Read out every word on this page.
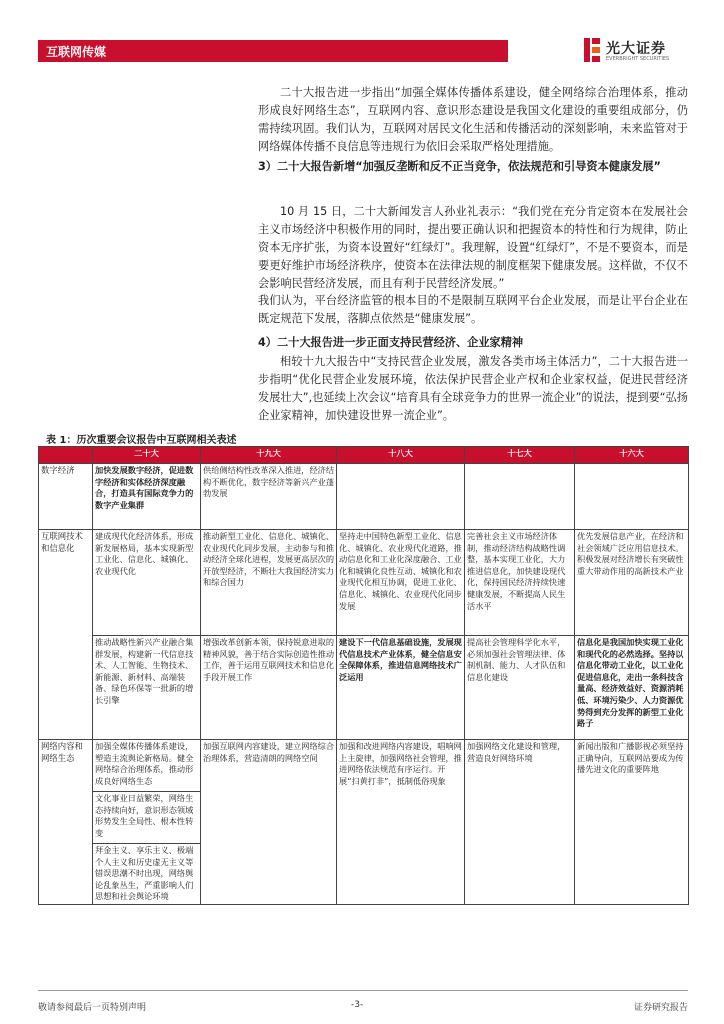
互联网传媒	光大证券
EVERBRIGHT SECURITIES
二十大报告进一步指出“加强全媒体传播体系建设，健全网络综合治理体系，推动形成良好网络生态”，互联网内容、意识形态建设是我国文化建设的重要组成部分，仍需持续巩固。我们认为，互联网对居民文化生活和传播活动的深刻影响，未来监管对于网络媒体传播不良信息等违规行为依旧会采取严格处理措施。
3）二十大报告新增“加强反垄断和反不正当竞争，依法规范和引导资本健康发展”
10 月 15 日，二十大新闻发言人孙业礼表示：“我们党在充分肯定资本在发展社会主义市场经济中积极作用的同时，提出要正确认识和把握资本的特性和行为规律，防止资本无序扩张，为资本设置好“红绿灯”。我理解，设置“红绿灯”，不是不要资本，而是要更好维护市场经济秩序，使资本在法律法规的制度框架下健康发展。这样做，不仅不会影响民营经济发展，而且有利于民营经济发展。”
我们认为，平台经济监管的根本目的不是限制互联网平台企业发展，而是让平台企业在既定规范下发展，落脚点依然是“健康发展”。
4）二十大报告进一步正面支持民营经济、企业家精神
相较十九大报告中“支持民营企业发展，激发各类市场主体活力”，二十大报告进一步指明“优化民营企业发展环境，依法保护民营企业产权和企业家权益，促进民营经济发展壮大”,也延续上次会议“培育具有全球竞争力的世界一流企业”的说法，提到要“弘扬企业家精神，加快建设世界一流企业”。
表 1：历次重要会议报告中互联网相关表述
	二十大	十九大	十八大	十七大	十六大
数字经济	加快发展数字经济，促进数字经济和实体经济深度融合，打造具有国际竞争力的数字产业集群	供给侧结构性改革深入推进，经济结构不断优化，数字经济等新兴产业蓬勃发展			
互联网技术和信息化	建成现代化经济体系，形成新发展格局，基本实现新型工业化、信息化、城镇化、农业现代化	推动新型工业化、信息化、城镇化、农业现代化同步发展，主动参与和推动经济全球化进程，发展更高层次的开放型经济，不断壮大我国经济实力和综合国力	坚持走中国特色新型工业化、信息化、城镇化、农业现代化道路，推动信息化和工业化深度融合、工业化和城镇化良性互动、城镇化和农业现代化相互协调，促进工业化、信息化、城镇化、农业现代化同步发展	完善社会主义市场经济体制，推动经济结构战略性调整，基本实现工业化，大力推进信息化，加快建设现代化，保持国民经济持续快速健康发展，不断提高人民生活水平	优先发展信息产业，在经济和社会领域广泛应用信息技术。积极发展对经济增长有突破性重大带动作用的高新技术产业
	推动战略性新兴产业融合集群发展，构建新一代信息技术、人工智能、生物技术、新能源、新材料、高端装备、绿色环保等一批新的增长引擎	增强改革创新本领，保持锐意进取的精神风貌，善于结合实际创造性推动工作，善于运用互联网技术和信息化手段开展工作	建设下一代信息基础设施，发展现代信息技术产业体系，健全信息安全保障体系，推进信息网络技术广泛运用	提高社会管理科学化水平，必须加强社会管理法律、体制机制、能力、人才队伍和信息化建设	信息化是我国加快实现工业化和现代化的必然选择。坚持以信息化带动工业化，以工业化促进信息化，走出一条科技含量高、经济效益好、资源消耗低、环境污染少、人力资源优势得到充分发挥的新型工业化路子
网络内容和网络生态	加强全媒体传播体系建设，塑造主流舆论新格局。健全网络综合治理体系，推动形成良好网络生态	加强互联网内容建设，建立网络综合治理体系，营造清朗的网络空间	加强和改进网络内容建设，唱响网上主旋律，加强网络社会管理，推进网络依法规范有序运行。开展“扫黄打非”，抵制低俗现象	加强网络文化建设和管理，营造良好网络环境	新闻出版和广播影视必须坚持正确导向，互联网站要成为传播先进文化的重要阵地
	文化事业日益繁荣，网络生态持续向好，意识形态领域形势发生全局性、根本性转变				
	拜金主义、享乐主义、极端个人主义和历史虚无主义等错误思潮不时出现，网络舆论乱象丛生，严重影响人们思想和社会舆论环境				
敬请参阅最后一页特别声明	-3-	证券研究报告
